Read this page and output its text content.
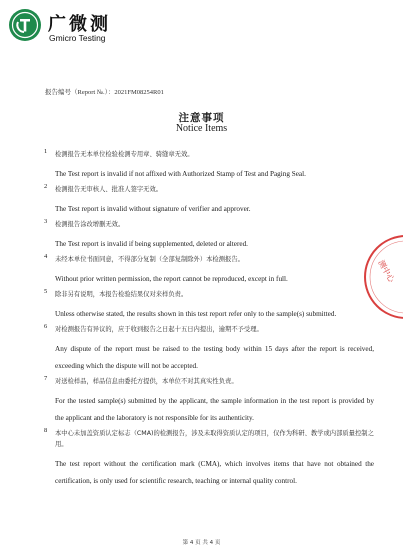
广微测
Gmicro Testing
报告编号（Report №.）：2021FM08254R01
注意事项
Notice Items
1	检测报告无本单位检验检测专用章、骑缝章无效。
The Test report is invalid if not affixed with Authorized Stamp of Test and Paging Seal.
2	检测报告无审核人、批准人签字无效。
The Test report is invalid without signature of verifier and approver.
3	检测报告涂改增删无效。
The Test report is invalid if being supplemented, deleted or altered.
4	未经本单位书面同意，不得部分复制（全部复制除外）本检测报告。
Without prior written permission, the report cannot be reproduced, except in full.
5	除非另有说明，本报告检验结果仅对来样负责。
Unless otherwise stated, the results shown in this test report refer only to the sample(s) submitted.
6	对检测报告有异议的，应于收到报告之日起十五日内提出，逾期不予受理。
Any dispute of the report must be raised to the testing body within 15 days after the report is received, exceeding which the dispute will not be accepted.
7	对送检样品，样品信息由委托方提供，本单位不对其真实性负责。
For the tested sample(s) submitted by the applicant, the sample information in the test report is provided by the applicant and the laboratory is not responsible for its authenticity.
8	本中心未加盖资质认定标志（CMA)的检测报告，涉及未取得资质认定的项目，仅作为科研、教学或内部质量控制之用。
The test report without the certification mark (CMA), which involves items that have not obtained the certification, is only used for scientific research, teaching or internal quality control.
测中心
第 4 页 共 4 页
